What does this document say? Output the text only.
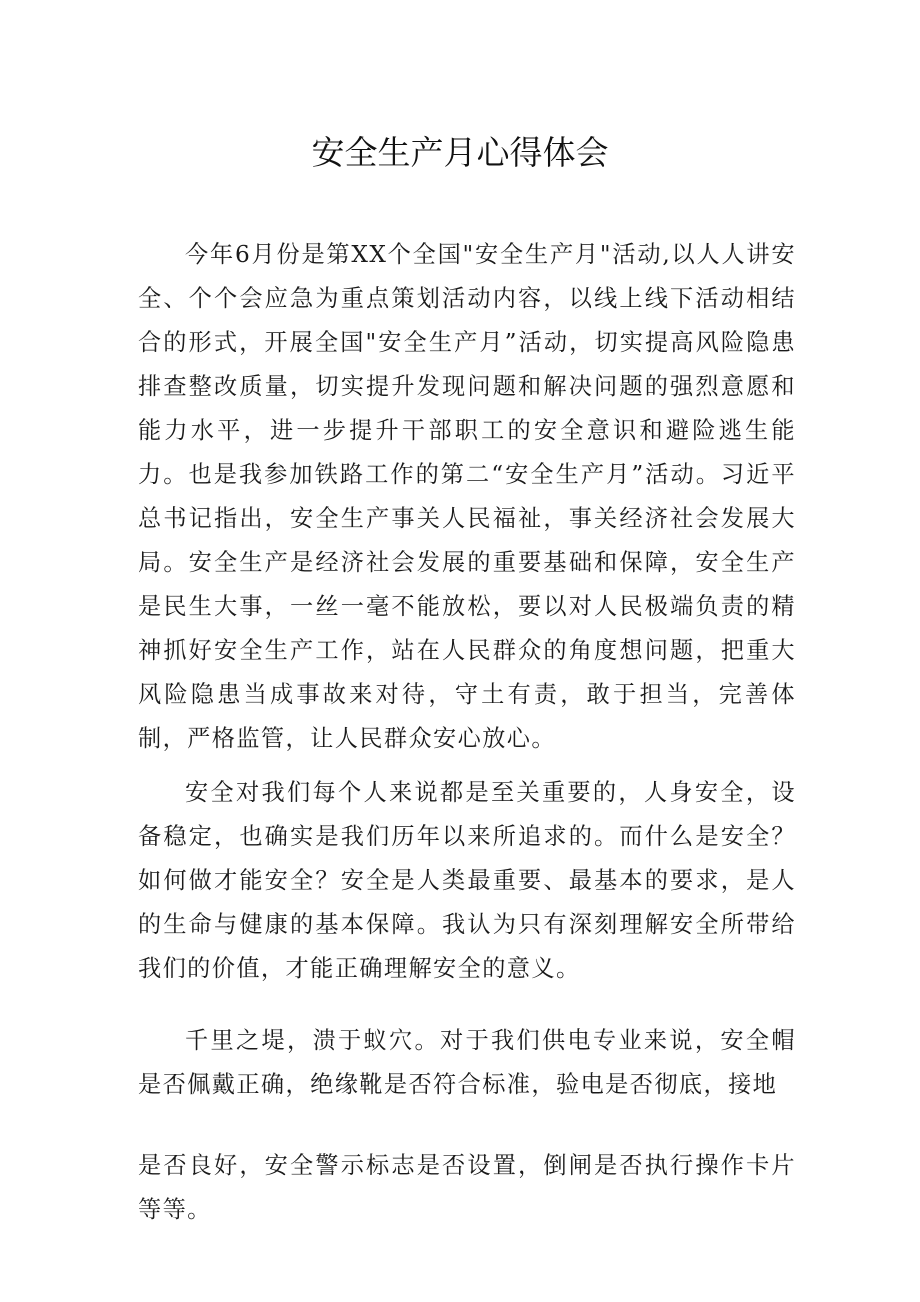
安全生产月心得体会

今年6月份是第XX个全国"安全生产月"活动,以人人讲安全、个个会应急为重点策划活动内容，以线上线下活动相结合的形式，开展全国"安全生产月”活动，切实提高风险隐患排查整改质量，切实提升发现问题和解决问题的强烈意愿和能力水平，进一步提升干部职工的安全意识和避险逃生能力。也是我参加铁路工作的第二“安全生产月”活动。习近平总书记指出，安全生产事关人民福祉，事关经济社会发展大局。安全生产是经济社会发展的重要基础和保障，安全生产是民生大事，一丝一毫不能放松，要以对人民极端负责的精神抓好安全生产工作，站在人民群众的角度想问题，把重大风险隐患当成事故来对待，守土有责，敢于担当，完善体制，严格监管，让人民群众安心放心。

安全对我们每个人来说都是至关重要的，人身安全，设备稳定，也确实是我们历年以来所追求的。而什么是安全？如何做才能安全？安全是人类最重要、最基本的要求，是人的生命与健康的基本保障。我认为只有深刻理解安全所带给我们的价值，才能正确理解安全的意义。

千里之堤，溃于蚁穴。对于我们供电专业来说，安全帽是否佩戴正确，绝缘靴是否符合标准，验电是否彻底，接地

是否良好，安全警示标志是否设置，倒闸是否执行操作卡片等等。
